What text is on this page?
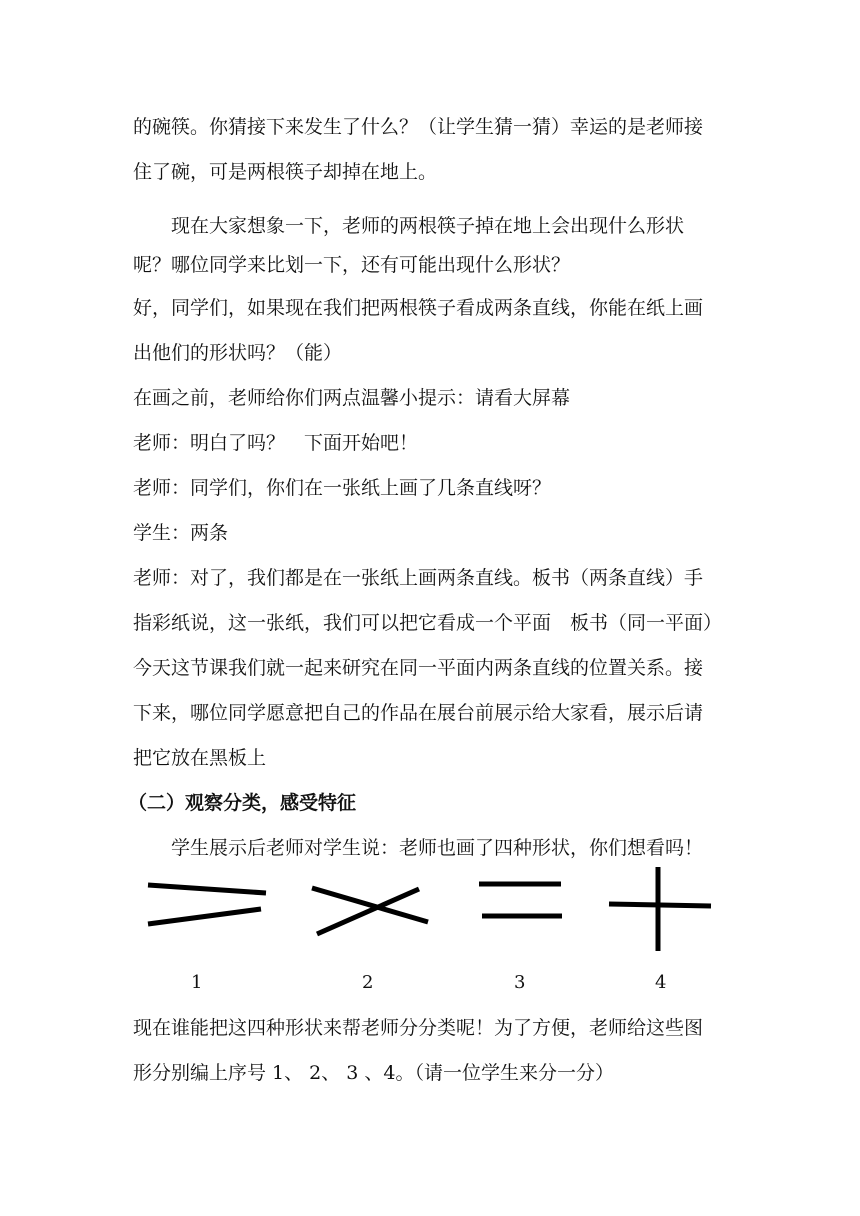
的碗筷。你猜接下来发生了什么？（让学生猜一猜）幸运的是老师接
住了碗，可是两根筷子却掉在地上。
　　现在大家想象一下，老师的两根筷子掉在地上会出现什么形状
呢？哪位同学来比划一下，还有可能出现什么形状？
好，同学们，如果现在我们把两根筷子看成两条直线，你能在纸上画
出他们的形状吗？（能）
在画之前，老师给你们两点温馨小提示：请看大屏幕
老师：明白了吗？　下面开始吧！
老师：同学们，你们在一张纸上画了几条直线呀？
学生：两条
老师：对了，我们都是在一张纸上画两条直线。板书（两条直线）手
指彩纸说，这一张纸，我们可以把它看成一个平面　板书（同一平面）
今天这节课我们就一起来研究在同一平面内两条直线的位置关系。接
下来，哪位同学愿意把自己的作品在展台前展示给大家看，展示后请
把它放在黑板上
（二）观察分类，感受特征
　　学生展示后老师对学生说：老师也画了四种形状，你们想看吗！
1	2	3	4
现在谁能把这四种形状来帮老师分分类呢！为了方便，老师给这些图
形分别编上序号 1、 2、 3 、4。（请一位学生来分一分）
